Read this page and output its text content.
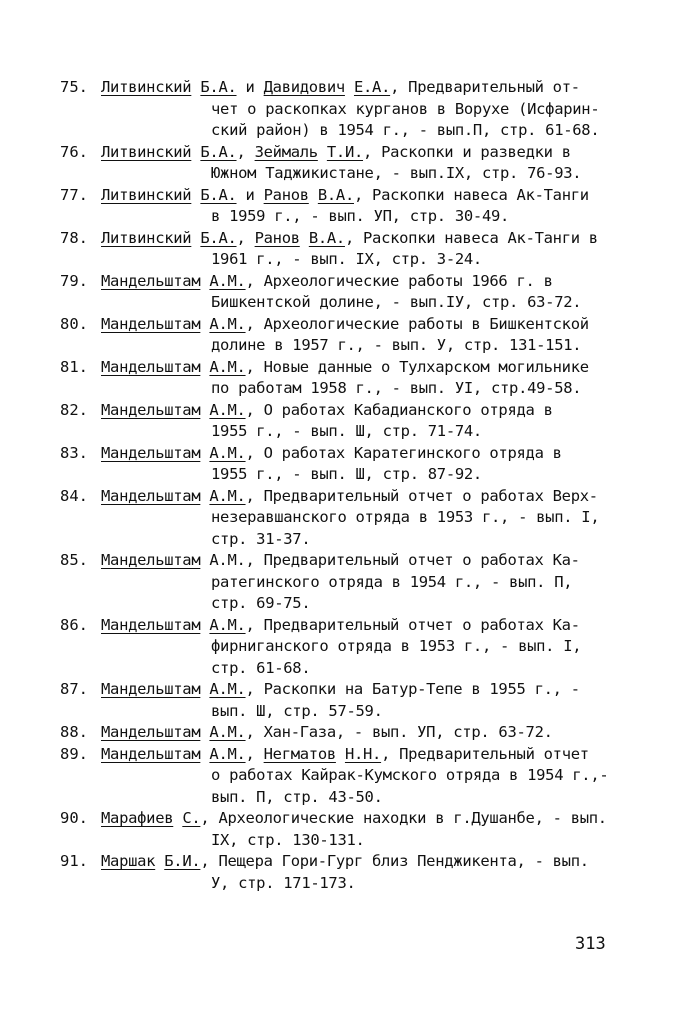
75. Литвинский Б.А. и Давидович Е.А., Предварительный от-
чет о раскопках курганов в Ворухе (Исфарин-
ский район) в 1954 г., - вып.П, стр. 61-68.
76. Литвинский Б.А., Зеймаль Т.И., Раскопки и разведки в
Южном Таджикистане, - вып.IX, стр. 76-93.
77. Литвинский Б.А. и Ранов В.А., Раскопки навеса Ак-Танги
в 1959 г., - вып. УП, стр. 30-49.
78. Литвинский Б.А., Ранов В.А., Раскопки навеса Ак-Танги в
1961 г., - вып. IX, стр. 3-24.
79. Мандельштам А.М., Археологические работы 1966 г. в
Бишкентской долине, - вып.IУ, стр. 63-72.
80. Мандельштам А.М., Археологические работы в Бишкентской
долине в 1957 г., - вып. У, стр. 131-151.
81. Мандельштам А.М., Новые данные о Тулхарском могильнике
по работам 1958 г., - вып. УI, стр.49-58.
82. Мандельштам А.М., О работах Кабадианского отряда в
1955 г., - вып. Ш, стр. 71-74.
83. Мандельштам А.М., О работах Каратегинского отряда в
1955 г., - вып. Ш, стр. 87-92.
84. Мандельштам А.М., Предварительный отчет о работах Верх-
незеравшанского отряда в 1953 г., - вып. I,
стр. 31-37.
85. Мандельштам А.М., Предварительный отчет о работах Ка-
ратегинского отряда в 1954 г., - вып. П,
стр. 69-75.
86. Мандельштам А.М., Предварительный отчет о работах Ка-
фирниганского отряда в 1953 г., - вып. I,
стр. 61-68.
87. Мандельштам А.М., Раскопки на Батур-Тепе в 1955 г., -
вып. Ш, стр. 57-59.
88. Мандельштам А.М., Хан-Газа, - вып. УП, стр. 63-72.
89. Мандельштам А.М., Негматов Н.Н., Предварительный отчет
о работах Кайрак-Кумского отряда в 1954 г.,-
вып. П, стр. 43-50.
90. Марафиев С., Археологические находки в г.Душанбе, - вып.
IX, стр. 130-131.
91. Маршак Б.И., Пещера Гори-Гург близ Пенджикента, - вып.
У, стр. 171-173.
313
